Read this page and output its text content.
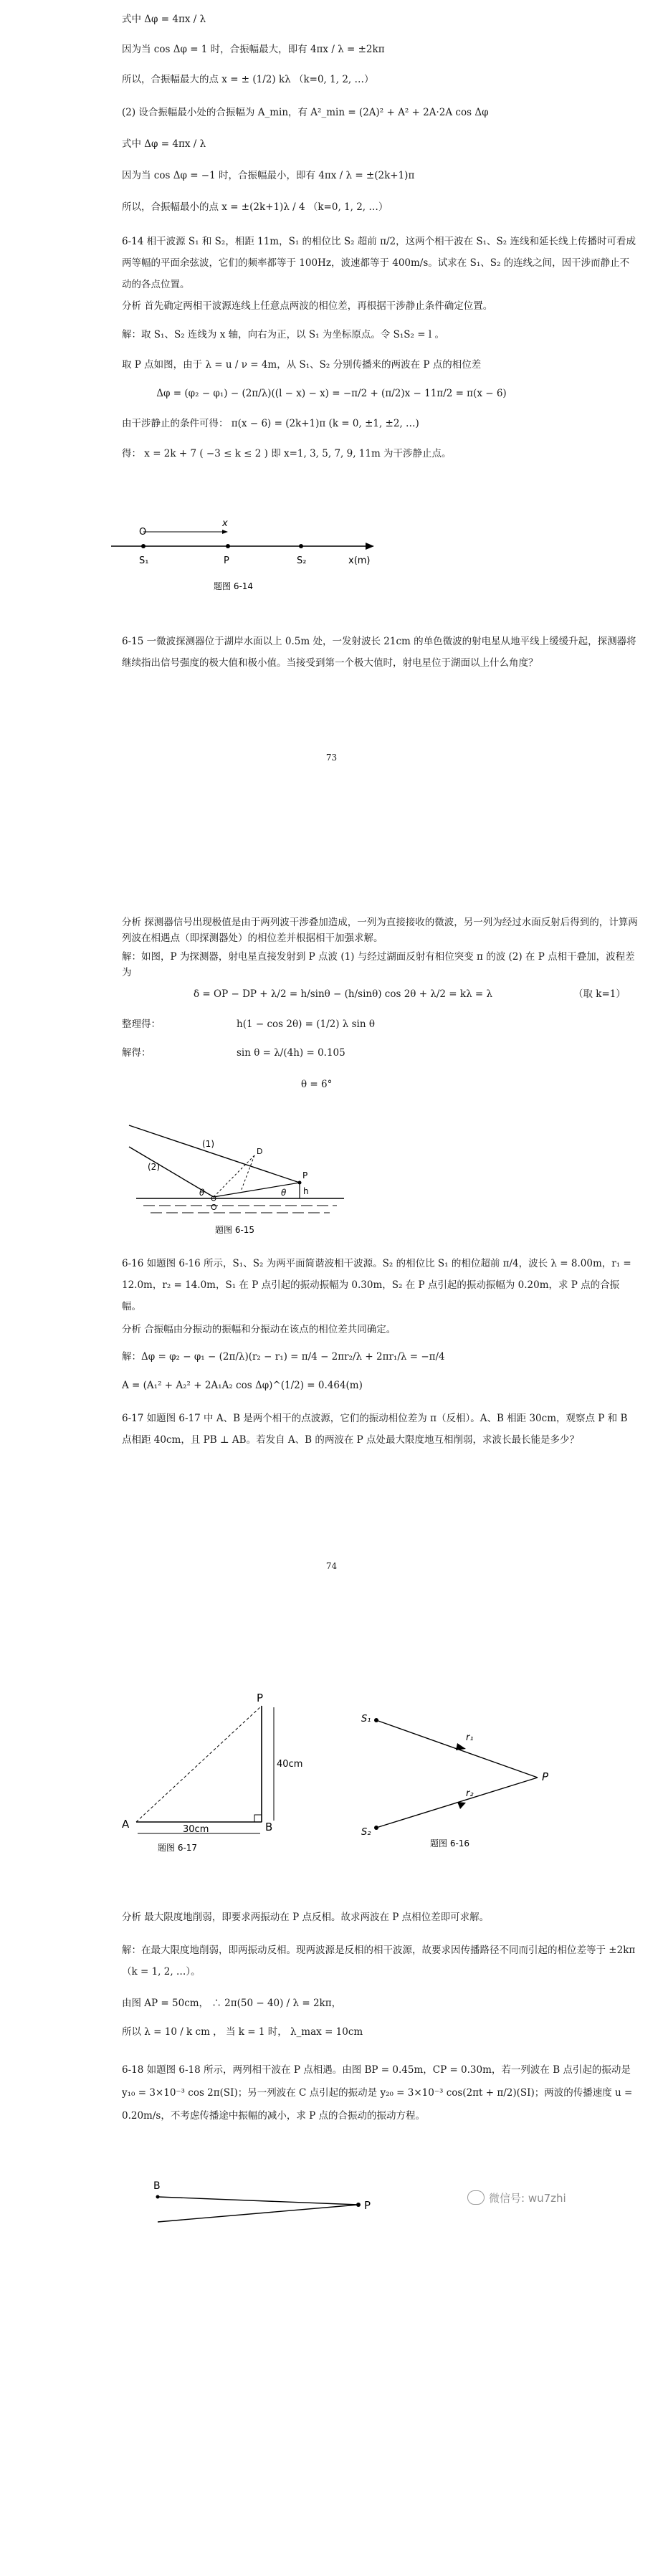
式中 Δφ = 4πx / λ
因为当 cos Δφ = 1 时，合振幅最大，即有 4πx / λ = ±2kπ
所以，合振幅最大的点 x = ± (1/2) kλ （k=0, 1, 2, …）
(2) 设合振幅最小处的合振幅为 A_min，有 A²_min = (2A)² + A² + 2A·2A cos Δφ
式中 Δφ = 4πx / λ
因为当 cos Δφ = −1 时，合振幅最小，即有 4πx / λ = ±(2k+1)π
所以，合振幅最小的点 x = ±(2k+1)λ / 4 （k=0, 1, 2, …）
6-14 相干波源 S₁ 和 S₂，相距 11m，S₁ 的相位比 S₂ 超前 π/2，这两个相干波在 S₁、S₂ 连线和延长线上传播时可看成两等幅的平面余弦波，它们的频率都等于 100Hz，波速都等于 400m/s。试求在 S₁、S₂ 的连线之间，因干涉而静止不动的各点位置。
分析 首先确定两相干波源连线上任意点两波的相位差，再根据干涉静止条件确定位置。
解：取 S₁、S₂ 连线为 x 轴，向右为正，以 S₁ 为坐标原点。令 S₁S₂ = l 。
取 P 点如图，由于 λ = u / ν = 4m，从 S₁、S₂ 分别传播来的两波在 P 点的相位差
Δφ = (φ₂ − φ₁) − (2π/λ)((l − x) − x) = −π/2 + (π/2)x − 11π/2 = π(x − 6)
由干涉静止的条件可得： π(x − 6) = (2k+1)π (k = 0, ±1, ±2, …)
得： x = 2k + 7 ( −3 ≤ k ≤ 2 ) 即 x=1, 3, 5, 7, 9, 11m 为干涉静止点。
O
x
S₁	P	S₂	x(m)
题图 6-14
6-15 一微波探测器位于湖岸水面以上 0.5m 处，一发射波长 21cm 的单色微波的射电星从地平线上缓缓升起，探测器将继续指出信号强度的极大值和极小值。当接受到第一个极大值时，射电星位于湖面以上什么角度？
73
分析 探测器信号出现极值是由于两列波干涉叠加造成，一列为直接接收的微波，另一列为经过水面反射后得到的，计算两列波在相遇点（即探测器处）的相位差并根据相干加强求解。
解：如图，P 为探测器，射电星直接发射到 P 点波 (1) 与经过湖面反射有相位突变 π 的波 (2) 在 P 点相干叠加，波程差为
δ = OP − DP + λ/2 = h/sinθ − (h/sinθ) cos 2θ + λ/2 = kλ = λ	（取 k=1）
整理得：	h(1 − cos 2θ) = (1/2) λ sin θ
解得：	sin θ = λ/(4h) = 0.105
θ = 6°
(1)
(2)
P
h
θ	θ
O
D
题图 6-15
6-16 如题图 6-16 所示，S₁、S₂ 为两平面简谐波相干波源。S₂ 的相位比 S₁ 的相位超前 π/4，波长 λ = 8.00m，r₁ = 12.0m，r₂ = 14.0m，S₁ 在 P 点引起的振动振幅为 0.30m，S₂ 在 P 点引起的振动振幅为 0.20m，求 P 点的合振幅。
分析 合振幅由分振动的振幅和分振动在该点的相位差共同确定。
解：Δφ = φ₂ − φ₁ − (2π/λ)(r₂ − r₁) = π/4 − 2πr₂/λ + 2πr₁/λ = −π/4
A = (A₁² + A₂² + 2A₁A₂ cos Δφ)^(1/2) = 0.464(m)
6-17 如题图 6-17 中 A、B 是两个相干的点波源，它们的振动相位差为 π（反相）。A、B 相距 30cm，观察点 P 和 B 点相距 40cm，且 PB ⊥ AB。若发自 A、B 的两波在 P 点处最大限度地互相削弱，求波长最长能是多少？
74
P
A	B
40cm
30cm
题图 6-17
S₁
S₂
r₁
r₂
P
题图 6-16
分析 最大限度地削弱，即要求两振动在 P 点反相。故求两波在 P 点相位差即可求解。
解：在最大限度地削弱，即两振动反相。现两波源是反相的相干波源，故要求因传播路径不同而引起的相位差等于 ±2kπ（k = 1, 2, …）。
由图 AP = 50cm， ∴ 2π(50 − 40) / λ = 2kπ，
所以 λ = 10 / k cm ， 当 k = 1 时， λ_max = 10cm
6-18 如题图 6-18 所示，两列相干波在 P 点相遇。由图 BP = 0.45m，CP = 0.30m，若一列波在 B 点引起的振动是 y₁₀ = 3×10⁻³ cos 2π(SI)；另一列波在 C 点引起的振动是 y₂₀ = 3×10⁻³ cos(2πt + π/2)(SI)；两波的传播速度 u = 0.20m/s，不考虑传播途中振幅的减小，求 P 点的合振动的振动方程。
B
P
微信号: wu7zhi
